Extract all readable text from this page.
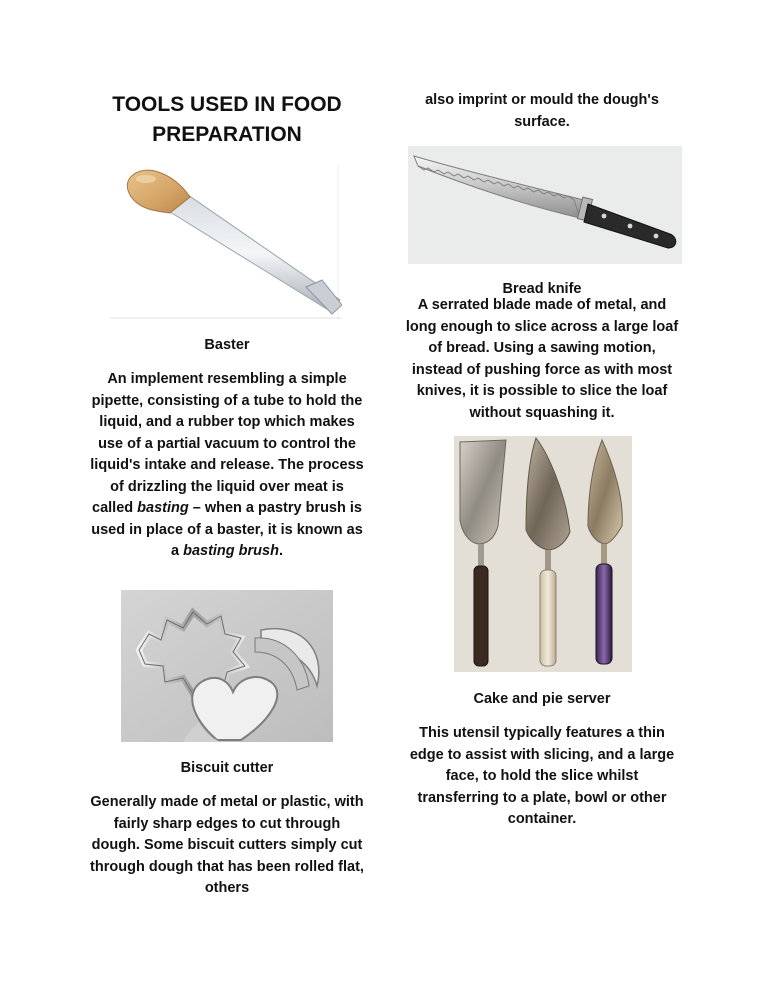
TOOLS USED IN FOOD PREPARATION
Baster
An implement resembling a simple pipette, consisting of a tube to hold the liquid, and a rubber top which makes use of a partial vacuum to control the liquid's intake and release. The process of drizzling the liquid over meat is called basting – when a pastry brush is used in place of a baster, it is known as a basting brush.
Biscuit cutter
Generally made of metal or plastic, with fairly sharp edges to cut through dough. Some biscuit cutters simply cut through dough that has been rolled flat, others
also imprint or mould the dough's surface.
Bread knife
A serrated blade made of metal, and long enough to slice across a large loaf of bread. Using a sawing motion, instead of pushing force as with most knives, it is possible to slice the loaf without squashing it.
Cake and pie server
This utensil typically features a thin edge to assist with slicing, and a large face, to hold the slice whilst transferring to a plate, bowl or other container.
